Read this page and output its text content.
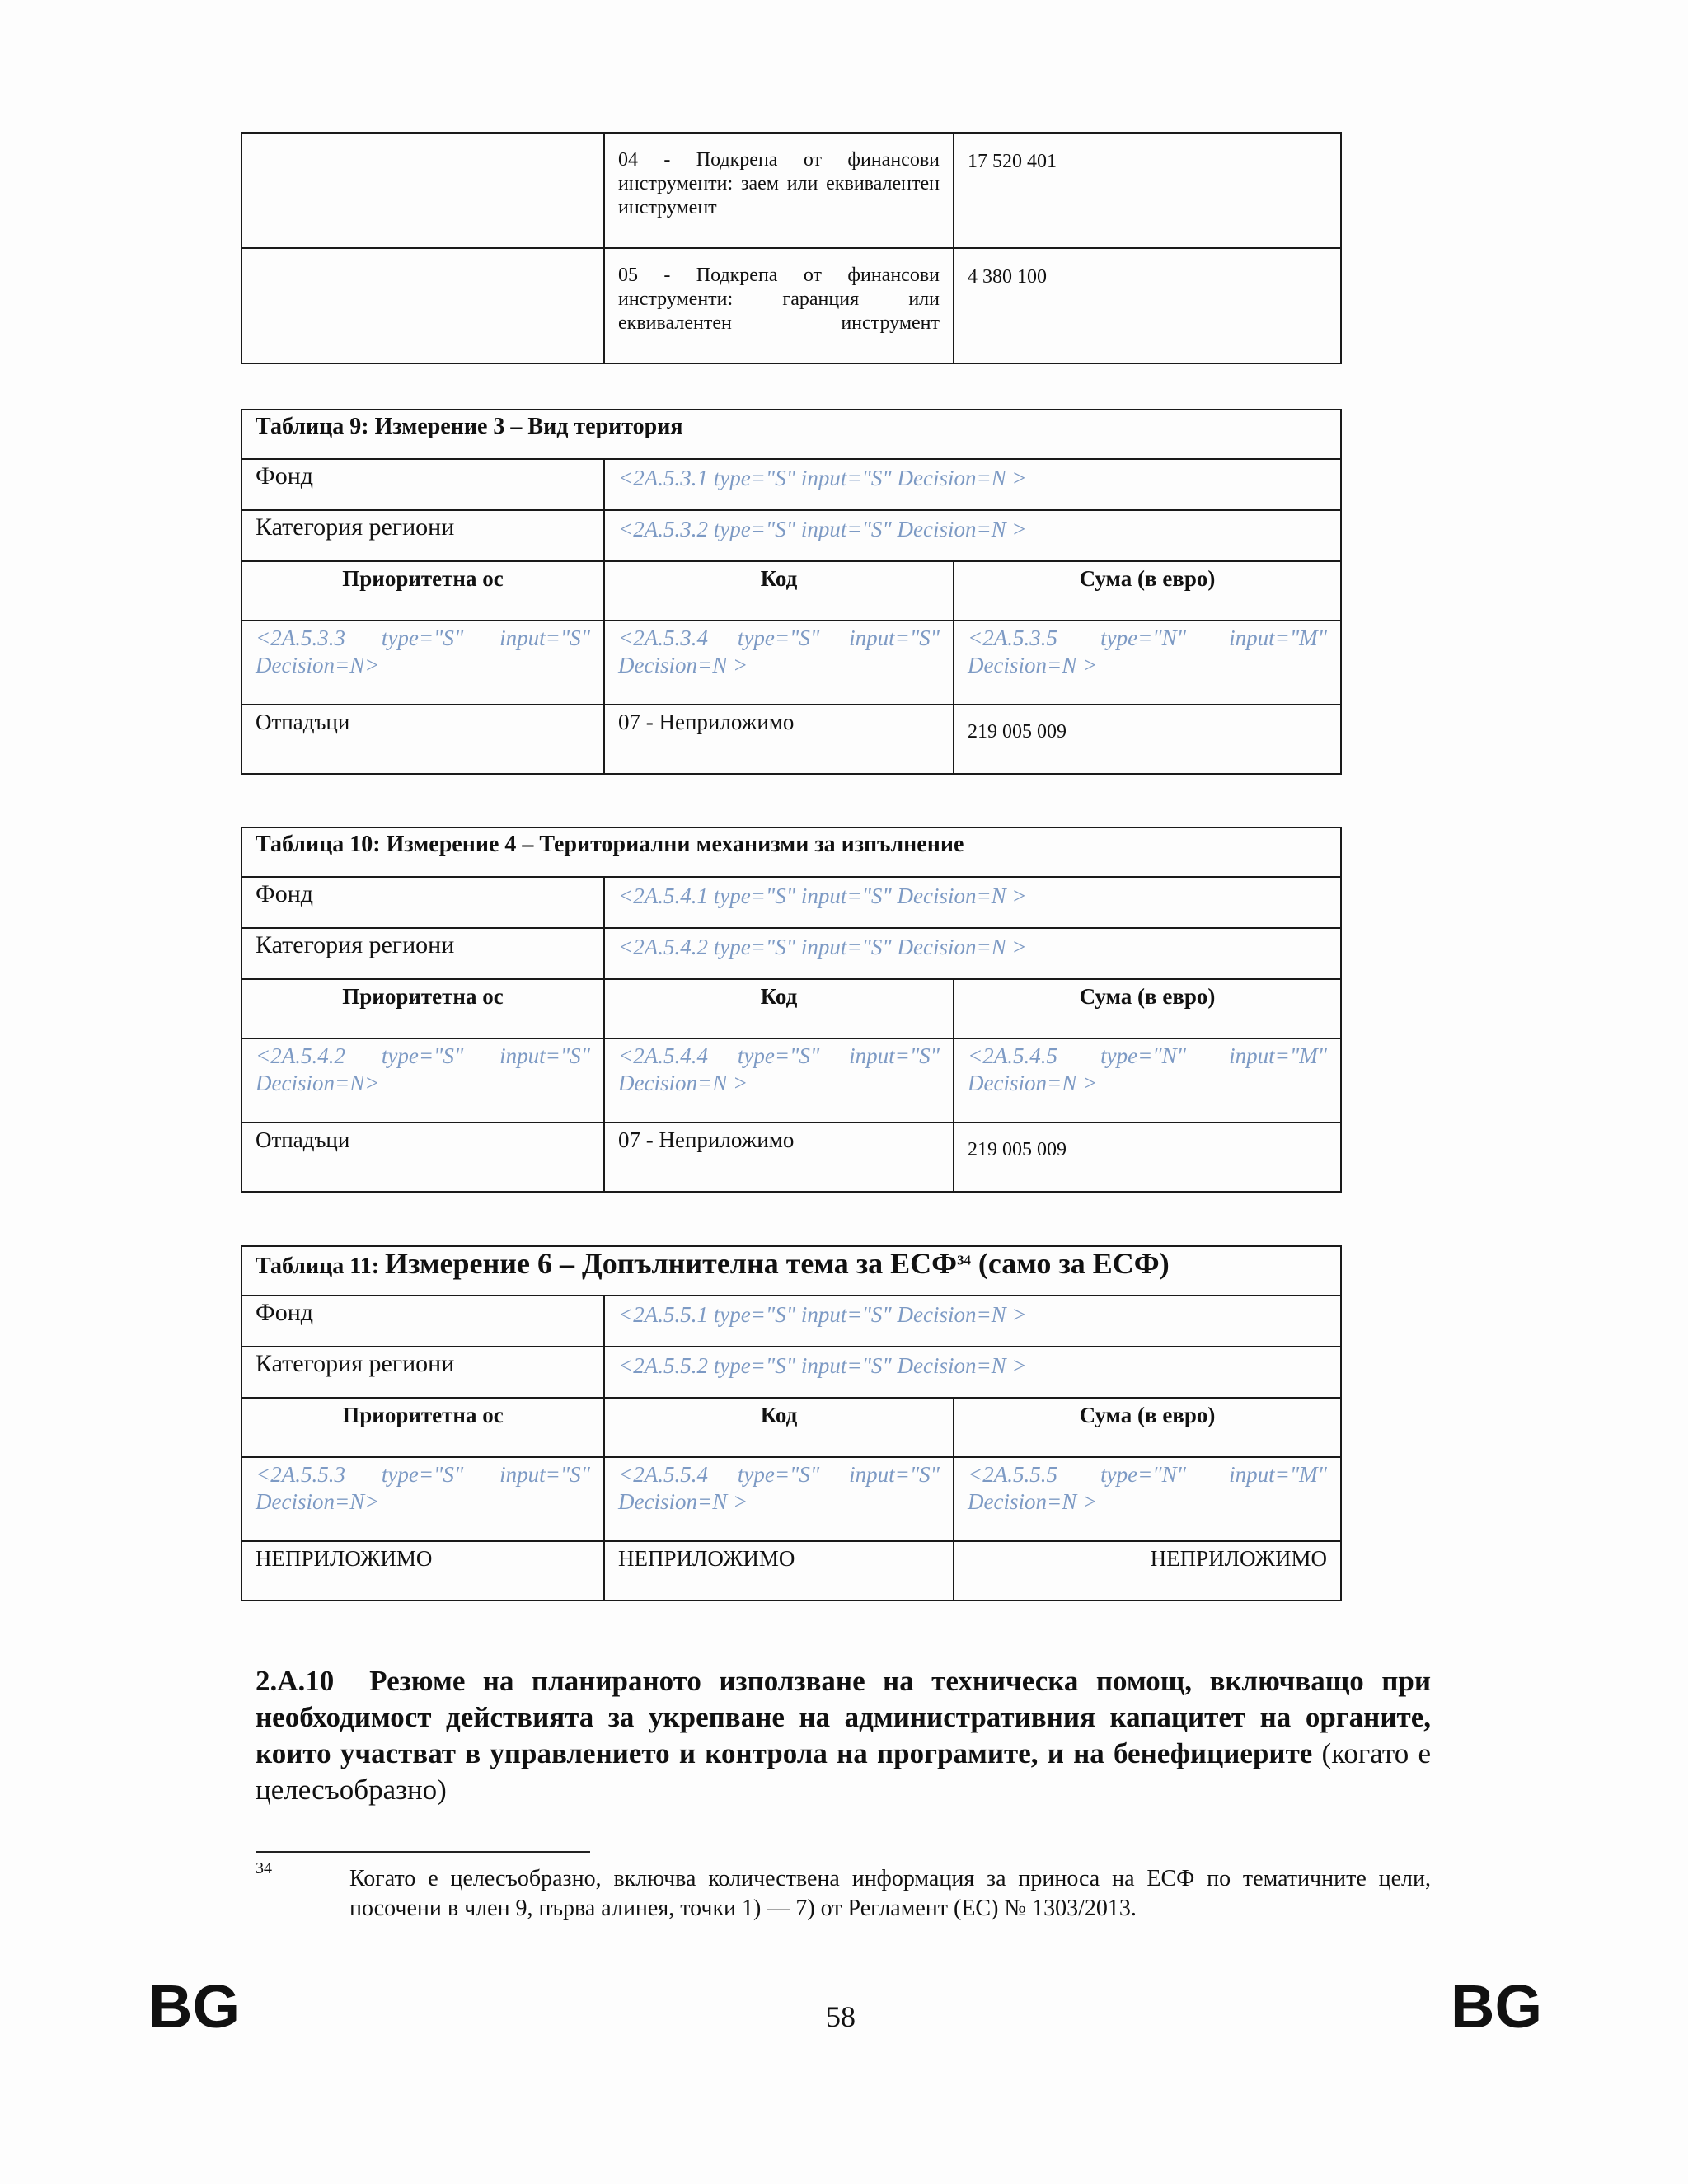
	04 - Подкрепа от финансови инструменти: заем или еквивалентен инструмент	17 520 401
	05 - Подкрепа от финансови инструменти: гаранция или еквивалентен инструмент	4 380 100
Таблица 9: Измерение 3 – Вид територия		
Фонд	<2A.5.3.1 type="S" input="S" Decision=N >	
Категория региони	<2A.5.3.2 type="S" input="S" Decision=N >	
Приоритетна ос	Код	Сума (в евро)
<2A.5.3.3 type="S" input="S" Decision=N>	<2A.5.3.4 type="S" input="S" Decision=N >	<2A.5.3.5 type="N" input="M" Decision=N >
Отпадъци	07 - Неприложимо	219 005 009
Таблица 10: Измерение 4 – Териториални механизми за изпълнение		
Фонд	<2A.5.4.1 type="S" input="S" Decision=N >	
Категория региони	<2A.5.4.2 type="S" input="S" Decision=N >	
Приоритетна ос	Код	Сума (в евро)
<2A.5.4.2 type="S" input="S" Decision=N>	<2A.5.4.4 type="S" input="S" Decision=N >	<2A.5.4.5 type="N" input="M" Decision=N >
Отпадъци	07 - Неприложимо	219 005 009
Таблица 11: Измерение 6 – Допълнителна тема за ЕСФ$^{34}$ (само за ЕСФ)		
Фонд	<2A.5.5.1 type="S" input="S" Decision=N >	
Категория региони	<2A.5.5.2 type="S" input="S" Decision=N >	
Приоритетна ос	Код	Сума (в евро)
<2A.5.5.3 type="S" input="S" Decision=N>	<2A.5.5.4 type="S" input="S" Decision=N >	<2A.5.5.5 type="N" input="M" Decision=N >
НЕПРИЛОЖИМО	НЕПРИЛОЖИМО	НЕПРИЛОЖИМО
2.A.10 Резюме на планираното използване на техническа помощ, включващо при необходимост действията за укрепване на административния капацитет на органите, които участват в управлението и контрола на програмите, и на бенефициерите (когато е целесъобразно)
34	Когато е целесъобразно, включва количествена информация за приноса на ЕСФ по тематичните цели, посочени в член 9, първа алинея, точки 1) — 7) от Регламент (ЕС) № 1303/2013.
BG	58	BG
